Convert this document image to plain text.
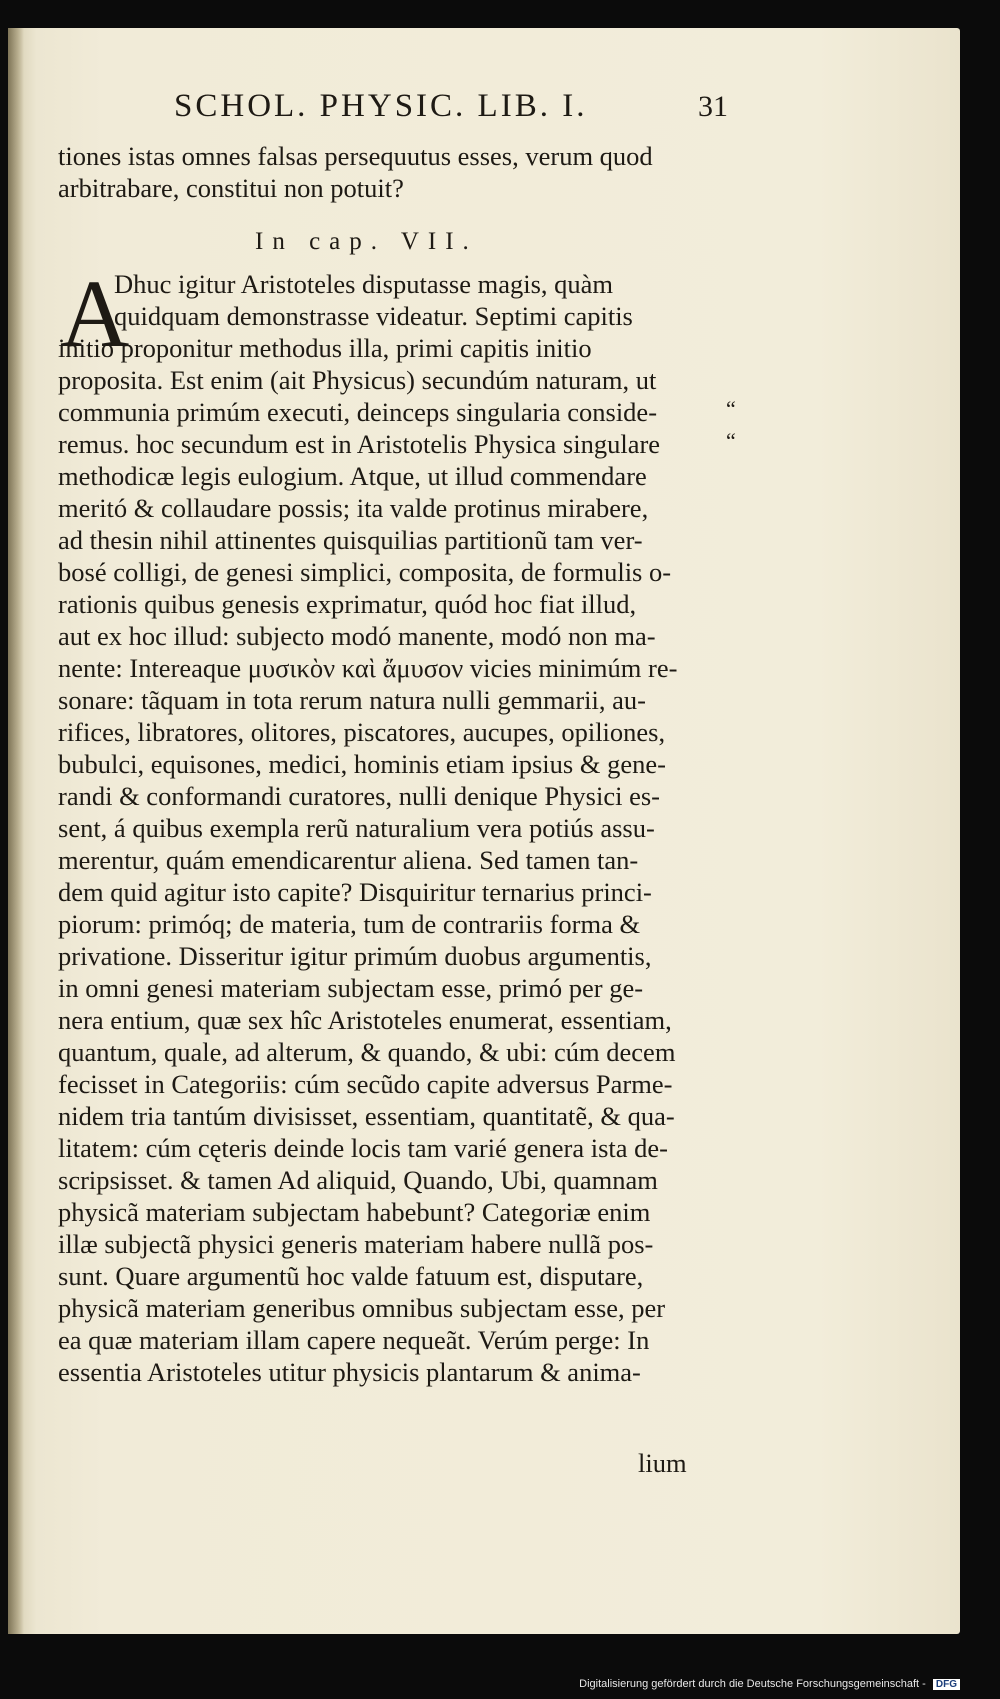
SCHOL. PHYSIC. LIB. I.	31
In cap. VII.
A
tiones istas omnes falsas persequutus esses, verum quod
arbitrabare, constitui non potuit?
Dhuc igitur Aristoteles disputasse magis, quàm
quidquam demonstrasse videatur. Septimi capitis
initio proponitur methodus illa, primi capitis initio
proposita. Est enim (ait Physicus) secundúm naturam, ut
communia primúm executi, deinceps singularia conside-
remus. hoc secundum est in Aristotelis Physica singulare
methodicæ legis eulogium. Atque, ut illud commendare
meritó & collaudare possis; ita valde protinus mirabere,
ad thesin nihil attinentes quisquilias partitionũ tam ver-
bosé colligi, de genesi simplici, composita, de formulis o-
rationis quibus genesis exprimatur, quód hoc fiat illud,
aut ex hoc illud: subjecto modó manente, modó non ma-
nente: Intereaque μυσικὸν καὶ ἄμυσον vicies minimúm re-
sonare: tãquam in tota rerum natura nulli gemmarii, au-
rifices, libratores, olitores, piscatores, aucupes, opiliones,
bubulci, equisones, medici, hominis etiam ipsius & gene-
randi & conformandi curatores, nulli denique Physici es-
sent, á quibus exempla rerũ naturalium vera potiús assu-
merentur, quám emendicarentur aliena. Sed tamen tan-
dem quid agitur isto capite? Disquiritur ternarius princi-
piorum: primóq; de materia, tum de contrariis forma &
privatione. Disseritur igitur primúm duobus argumentis,
in omni genesi materiam subjectam esse, primó per ge-
nera entium, quæ sex hîc Aristoteles enumerat, essentiam,
quantum, quale, ad alterum, & quando, & ubi: cúm decem
fecisset in Categoriis: cúm secũdo capite adversus Parme-
nidem tria tantúm divisisset, essentiam, quantitatẽ, & qua-
litatem: cúm cęteris deinde locis tam varié genera ista de-
scripsisset. & tamen Ad aliquid, Quando, Ubi, quamnam
physicã materiam subjectam habebunt? Categoriæ enim
illæ subjectã physici generis materiam habere nullã pos-
sunt. Quare argumentũ hoc valde fatuum est, disputare,
physicã materiam generibus omnibus subjectam esse, per
ea quæ materiam illam capere nequeãt. Verúm perge: In
essentia Aristoteles utitur physicis plantarum & anima-
“
“
lium
Digitalisierung gefördert durch die Deutsche Forschungsgemeinschaft - DFG
